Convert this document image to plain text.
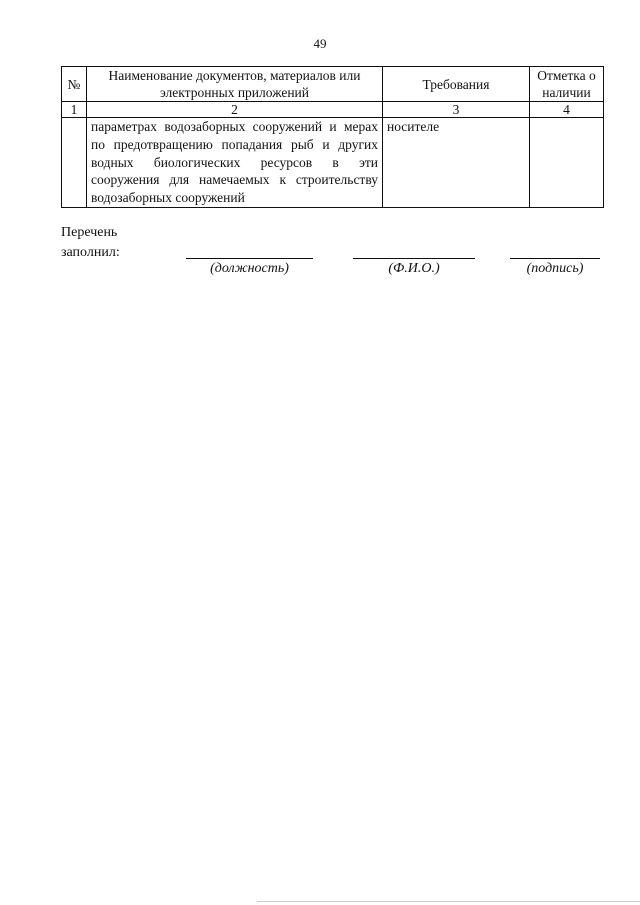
49
№	Наименование документов, материалов или электронных приложений	Требования	Отметка о наличии
1	2	3	4
	параметрах водозаборных сооружений и мерах по предотвращению попадания рыб и других водных биологических ресурсов в эти сооружения для намечаемых к строительству водозаборных сооружений	носителе	
Перечень
заполнил:
(должность)	(Ф.И.О.)	(подпись)
